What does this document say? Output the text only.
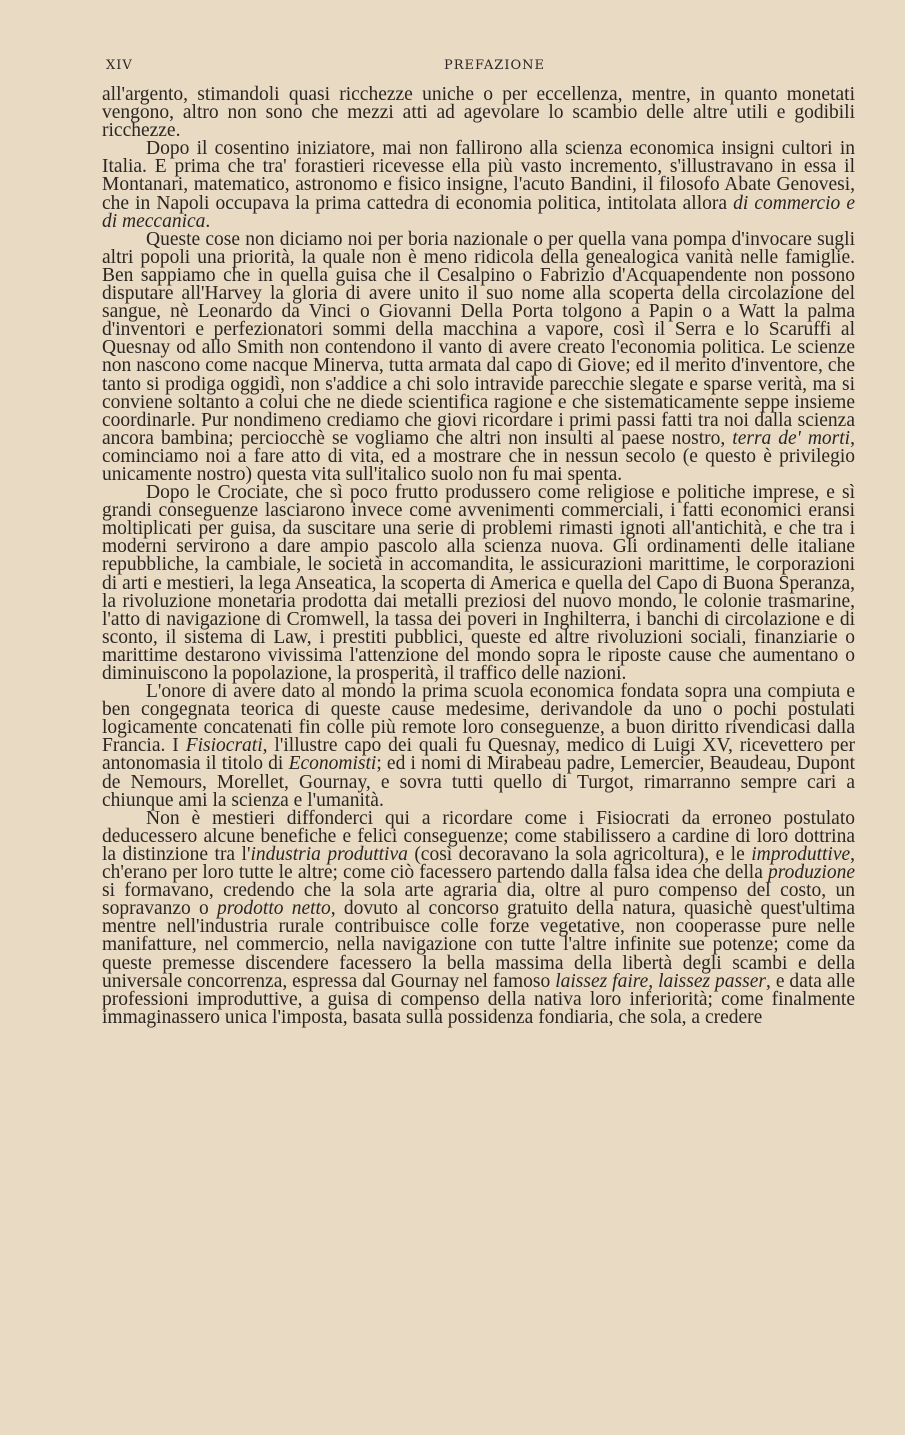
XIV	PREFAZIONE

all'argento, stimandoli quasi ricchezze uniche o per eccellenza, mentre, in quanto monetati vengono, altro non sono che mezzi atti ad agevolare lo scambio delle altre utili e godibili ricchezze.

Dopo il cosentino iniziatore, mai non fallirono alla scienza economica insigni cultori in Italia. E prima che tra' forastieri ricevesse ella più vasto incremento, s'illustravano in essa il Montanari, matematico, astronomo e fisico insigne, l'acuto Bandini, il filosofo Abate Genovesi, che in Napoli occupava la prima cattedra di economia politica, intitolata allora di commercio e di meccanica.

Queste cose non diciamo noi per boria nazionale o per quella vana pompa d'invocare sugli altri popoli una priorità, la quale non è meno ridicola della genealogica vanità nelle famiglie. Ben sappiamo che in quella guisa che il Cesalpino o Fabrizio d'Acquapendente non possono disputare all'Harvey la gloria di avere unito il suo nome alla scoperta della circolazione del sangue, nè Leonardo da Vinci o Giovanni Della Porta tolgono a Papin o a Watt la palma d'inventori e perfezionatori sommi della macchina a vapore, così il Serra e lo Scaruffi al Quesnay od allo Smith non contendono il vanto di avere creato l'economia politica. Le scienze non nascono come nacque Minerva, tutta armata dal capo di Giove; ed il merito d'inventore, che tanto si prodiga oggidì, non s'addice a chi solo intravide parecchie slegate e sparse verità, ma si conviene soltanto a colui che ne diede scientifica ragione e che sistematicamente seppe insieme coordinarle. Pur nondimeno crediamo che giovi ricordare i primi passi fatti tra noi dalla scienza ancora bambina; perciocchè se vogliamo che altri non insulti al paese nostro, terra de' morti, cominciamo noi a fare atto di vita, ed a mostrare che in nessun secolo (e questo è privilegio unicamente nostro) questa vita sull'italico suolo non fu mai spenta.

Dopo le Crociate, che sì poco frutto produssero come religiose e politiche imprese, e sì grandi conseguenze lasciarono invece come avvenimenti commerciali, i fatti economici eransi moltiplicati per guisa, da suscitare una serie di problemi rimasti ignoti all'antichità, e che tra i moderni servirono a dare ampio pascolo alla scienza nuova. Gli ordinamenti delle italiane repubbliche, la cambiale, le società in accomandita, le assicurazioni marittime, le corporazioni di arti e mestieri, la lega Anseatica, la scoperta di America e quella del Capo di Buona Speranza, la rivoluzione monetaria prodotta dai metalli preziosi del nuovo mondo, le colonie trasmarine, l'atto di navigazione di Cromwell, la tassa dei poveri in Inghilterra, i banchi di circolazione e di sconto, il sistema di Law, i prestiti pubblici, queste ed altre rivoluzioni sociali, finanziarie o marittime destarono vivissima l'attenzione del mondo sopra le riposte cause che aumentano o diminuiscono la popolazione, la prosperità, il traffico delle nazioni.

L'onore di avere dato al mondo la prima scuola economica fondata sopra una compiuta e ben congegnata teorica di queste cause medesime, derivandole da uno o pochi postulati logicamente concatenati fin colle più remote loro conseguenze, a buon diritto rivendicasi dalla Francia. I Fisiocrati, l'illustre capo dei quali fu Quesnay, medico di Luigi XV, ricevettero per antonomasia il titolo di Economisti; ed i nomi di Mirabeau padre, Lemercier, Beaudeau, Dupont de Nemours, Morellet, Gournay, e sovra tutti quello di Turgot, rimarranno sempre cari a chiunque ami la scienza e l'umanità.

Non è mestieri diffonderci qui a ricordare come i Fisiocrati da erroneo postulato deducessero alcune benefiche e felici conseguenze; come stabilissero a cardine di loro dottrina la distinzione tra l'industria produttiva (così decoravano la sola agricoltura), e le improduttive, ch'erano per loro tutte le altre; come ciò facessero partendo dalla falsa idea che della produzione si formavano, credendo che la sola arte agraria dia, oltre al puro compenso del costo, un sopravanzo o prodotto netto, dovuto al concorso gratuito della natura, quasichè quest'ultima mentre nell'industria rurale contribuisce colle forze vegetative, non cooperasse pure nelle manifatture, nel commercio, nella navigazione con tutte l'altre infinite sue potenze; come da queste premesse discendere facessero la bella massima della libertà degli scambi e della universale concorrenza, espressa dal Gournay nel famoso laissez faire, laissez passer, e data alle professioni improduttive, a guisa di compenso della nativa loro inferiorità; come finalmente immaginassero unica l'imposta, basata sulla possidenza fondiaria, che sola, a credere
